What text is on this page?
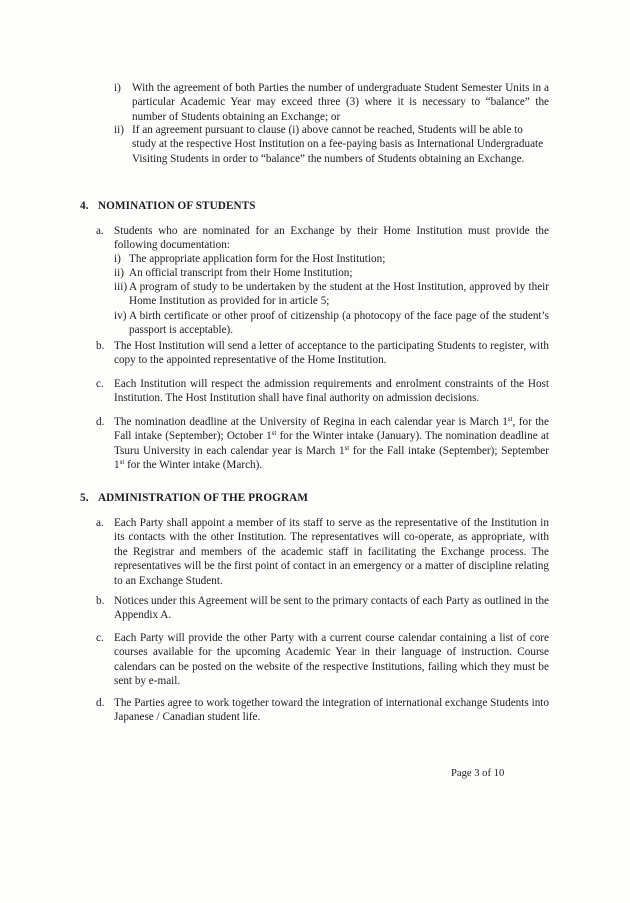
i) With the agreement of both Parties the number of undergraduate Student Semester Units in a particular Academic Year may exceed three (3) where it is necessary to “balance” the number of Students obtaining an Exchange; or
ii) If an agreement pursuant to clause (i) above cannot be reached, Students will be able to study at the respective Host Institution on a fee-paying basis as International Undergraduate Visiting Students in order to “balance” the numbers of Students obtaining an Exchange.
4. NOMINATION OF STUDENTS
a. Students who are nominated for an Exchange by their Home Institution must provide the following documentation:
i) The appropriate application form for the Host Institution;
ii) An official transcript from their Home Institution;
iii) A program of study to be undertaken by the student at the Host Institution, approved by their Home Institution as provided for in article 5;
iv) A birth certificate or other proof of citizenship (a photocopy of the face page of the student’s passport is acceptable).
b. The Host Institution will send a letter of acceptance to the participating Students to register, with copy to the appointed representative of the Home Institution.
c. Each Institution will respect the admission requirements and enrolment constraints of the Host Institution. The Host Institution shall have final authority on admission decisions.
d. The nomination deadline at the University of Regina in each calendar year is March 1st, for the Fall intake (September); October 1st for the Winter intake (January). The nomination deadline at Tsuru University in each calendar year is March 1st for the Fall intake (September); September 1st for the Winter intake (March).
5. ADMINISTRATION OF THE PROGRAM
a. Each Party shall appoint a member of its staff to serve as the representative of the Institution in its contacts with the other Institution. The representatives will co-operate, as appropriate, with the Registrar and members of the academic staff in facilitating the Exchange process. The representatives will be the first point of contact in an emergency or a matter of discipline relating to an Exchange Student.
b. Notices under this Agreement will be sent to the primary contacts of each Party as outlined in the Appendix A.
c. Each Party will provide the other Party with a current course calendar containing a list of core courses available for the upcoming Academic Year in their language of instruction. Course calendars can be posted on the website of the respective Institutions, failing which they must be sent by e-mail.
d. The Parties agree to work together toward the integration of international exchange Students into Japanese / Canadian student life.
Page 3 of 10
